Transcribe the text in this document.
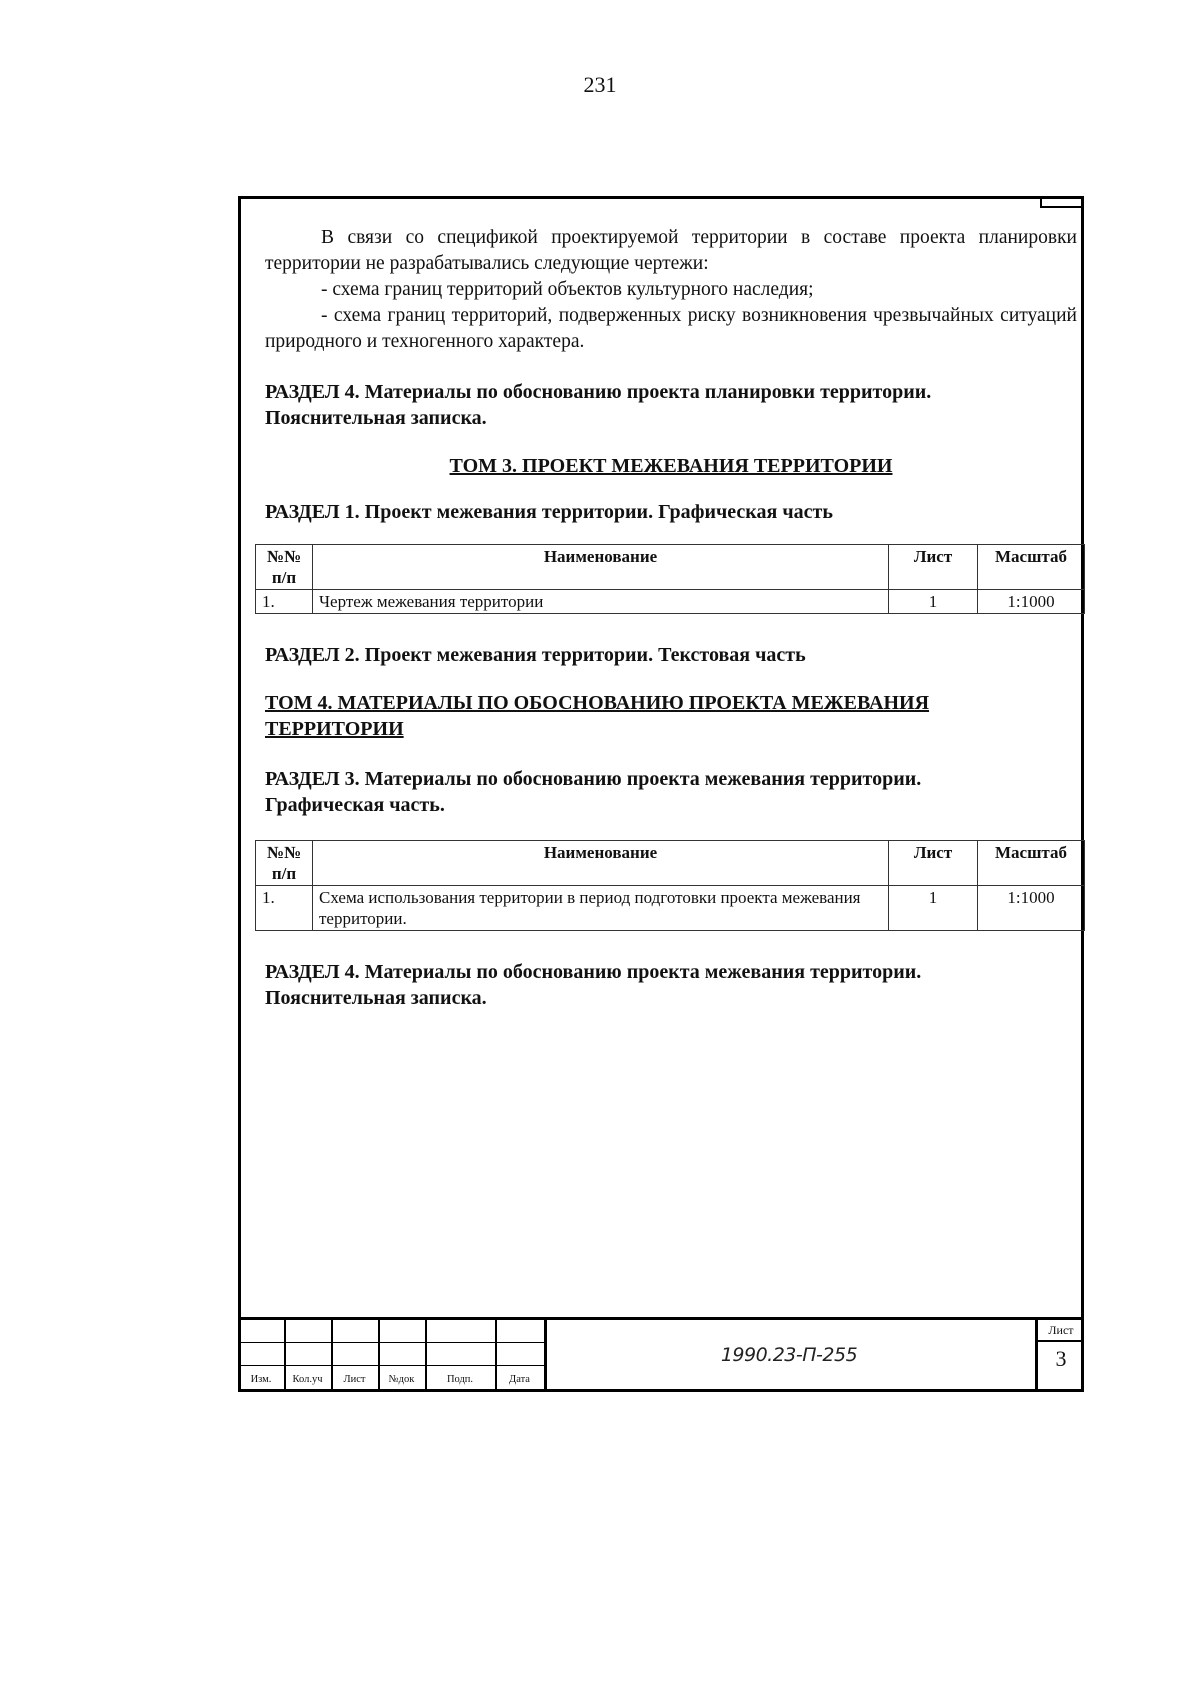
231

В связи со спецификой проектируемой территории в составе проекта планировки территории не разрабатывались следующие чертежи:

- схема границ территорий объектов культурного наследия;

- схема границ территорий, подверженных риску возникновения чрезвычайных ситуаций природного и техногенного характера.

РАЗДЕЛ 4. Материалы по обоснованию проекта планировки территории.

Пояснительная записка.

ТОМ 3. ПРОЕКТ МЕЖЕВАНИЯ ТЕРРИТОРИИ

РАЗДЕЛ 1. Проект межевания территории. Графическая часть

№№ п/п	Наименование	Лист	Масштаб
1.	Чертеж межевания территории	1	1:1000

РАЗДЕЛ 2. Проект межевания территории. Текстовая часть

ТОМ 4. МАТЕРИАЛЫ ПО ОБОСНОВАНИЮ ПРОЕКТА МЕЖЕВАНИЯ

ТЕРРИТОРИИ

РАЗДЕЛ 3. Материалы по обоснованию проекта межевания территории.

Графическая часть.

№№ п/п	Наименование	Лист	Масштаб
1.	Схема использования территории в период подготовки проекта межевания территории.	1	1:1000

РАЗДЕЛ 4. Материалы по обоснованию проекта межевания территории.

Пояснительная записка.

Изм.	Кол.уч	Лист	№док	Подп.	Дата
1990.23-П-255
Лист
3
